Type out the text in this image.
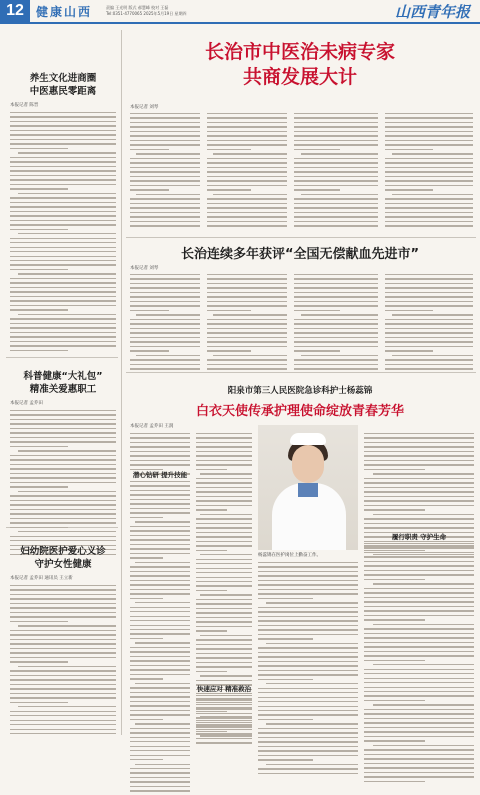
12	健康山西	责编 王光明 版式 郝慧峰 校对 王磊
Tel:0351-4770065 2025年5月19日 星期四	山西青年报
养生文化进商圈
中医惠民零距离
本报记者 陈晋
科普健康“大礼包”
精准关爱惠职工
本报记者 孟乔田
妇幼院医护爱心义诊
守护女性健康
本报记者 孟乔田 通讯员 王立新
长治市中医治未病专家
共商发展大计
本报记者 刘琴
长治连续多年获评“全国无偿献血先进市”
本报记者 刘琴
阳泉市第三人民医院急诊科护士杨蕊锦
白衣天使传承护理使命绽放青春芳华
本报记者 孟乔田 王润
潜心钻研 提升技能
快速应对 精准救治
杨蕊锦在医护岗位上勤奋工作。
履行职责 守护生命
